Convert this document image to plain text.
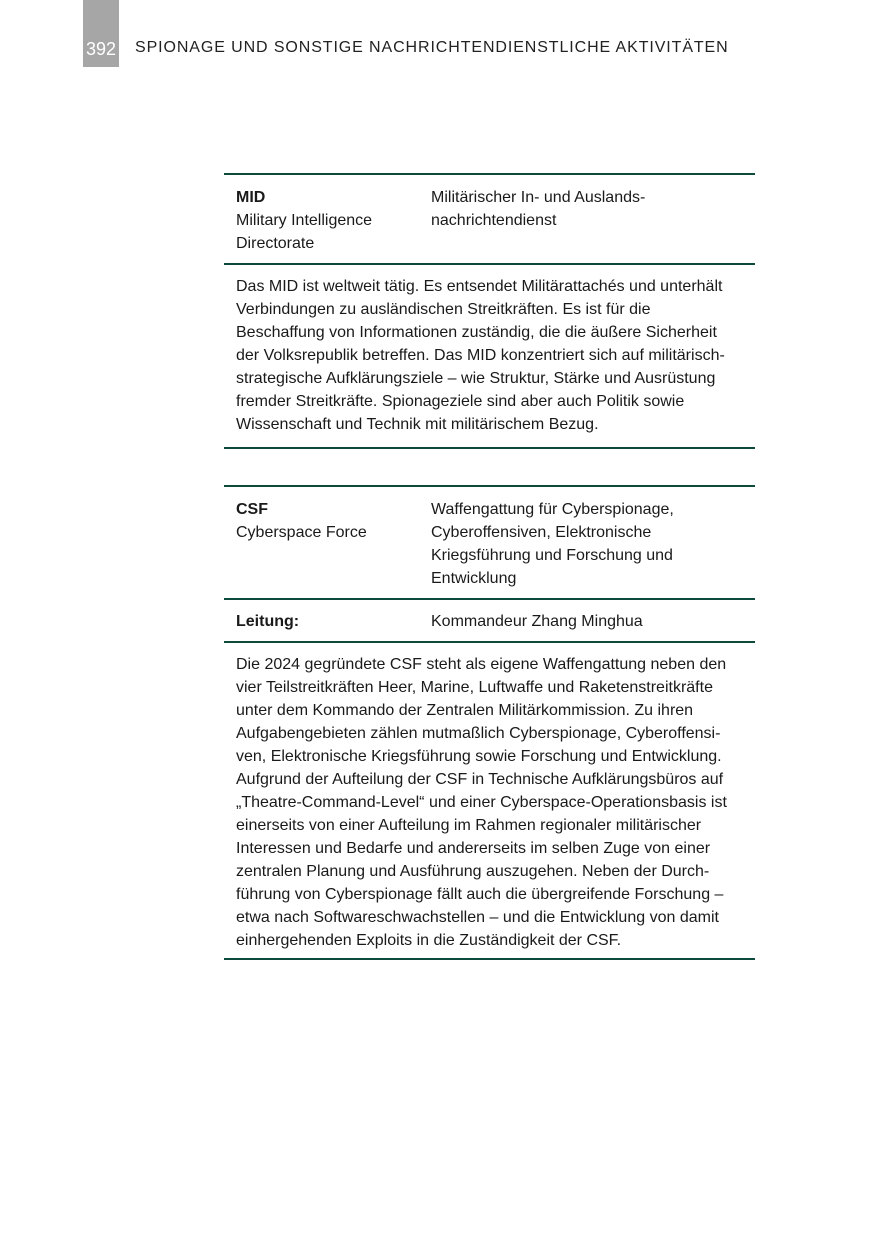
392 SPIONAGE UND SONSTIGE NACHRICHTENDIENSTLICHE AKTIVITÄTEN
MID
Military Intelligence
Directorate
Militärischer In- und Auslands-
nachrichtendienst
Das MID ist weltweit tätig. Es entsendet Militärattachés und unterhält
Verbindungen zu ausländischen Streitkräften. Es ist für die
Beschaffung von Informationen zuständig, die die äußere Sicherheit
der Volksrepublik betreffen. Das MID konzentriert sich auf militärisch-
strategische Aufklärungsziele – wie Struktur, Stärke und Ausrüstung
fremder Streitkräfte. Spionageziele sind aber auch Politik sowie
Wissenschaft und Technik mit militärischem Bezug.
CSF
Cyberspace Force
Waffengattung für Cyberspionage,
Cyberoffensiven, Elektronische
Kriegsführung und Forschung und
Entwicklung
Leitung:	Kommandeur Zhang Minghua
Die 2024 gegründete CSF steht als eigene Waffengattung neben den
vier Teilstreitkräften Heer, Marine, Luftwaffe und Raketenstreitkräfte
unter dem Kommando der Zentralen Militärkommission. Zu ihren
Aufgabengebieten zählen mutmaßlich Cyberspionage, Cyberoffensi-
ven, Elektronische Kriegsführung sowie Forschung und Entwicklung.
Aufgrund der Aufteilung der CSF in Technische Aufklärungsbüros auf
„Theatre-Command-Level“ und einer Cyberspace-Operationsbasis ist
einerseits von einer Aufteilung im Rahmen regionaler militärischer
Interessen und Bedarfe und andererseits im selben Zuge von einer
zentralen Planung und Ausführung auszugehen. Neben der Durch-
führung von Cyberspionage fällt auch die übergreifende Forschung –
etwa nach Softwareschwachstellen – und die Entwicklung von damit
einhergehenden Exploits in die Zuständigkeit der CSF.
